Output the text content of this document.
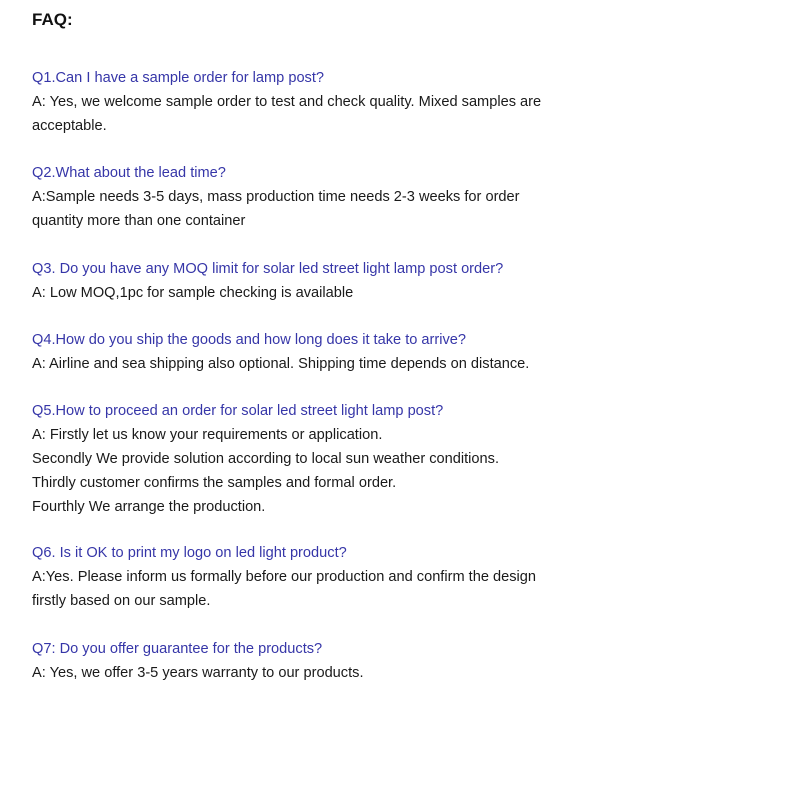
FAQ:
Q1.Can I have a sample order for lamp post?
A: Yes, we welcome sample order to test and check quality. Mixed samples are
acceptable.
Q2.What about the lead time?
A:Sample needs 3-5 days, mass production time needs 2-3 weeks for order
quantity more than one container
Q3. Do you have any MOQ limit for solar led street light lamp post order?
A: Low MOQ,1pc for sample checking is available
Q4.How do you ship the goods and how long does it take to arrive?
A: Airline and sea shipping also optional. Shipping time depends on distance.
Q5.How to proceed an order for solar led street light lamp post?
A: Firstly let us know your requirements or application.
Secondly We provide solution according to local sun weather conditions.
Thirdly customer confirms the samples and formal order.
Fourthly We arrange the production.
Q6. Is it OK to print my logo on led light product?
A:Yes. Please inform us formally before our production and confirm the design
firstly based on our sample.
Q7: Do you offer guarantee for the products?
A: Yes, we offer 3-5 years warranty to our products.
